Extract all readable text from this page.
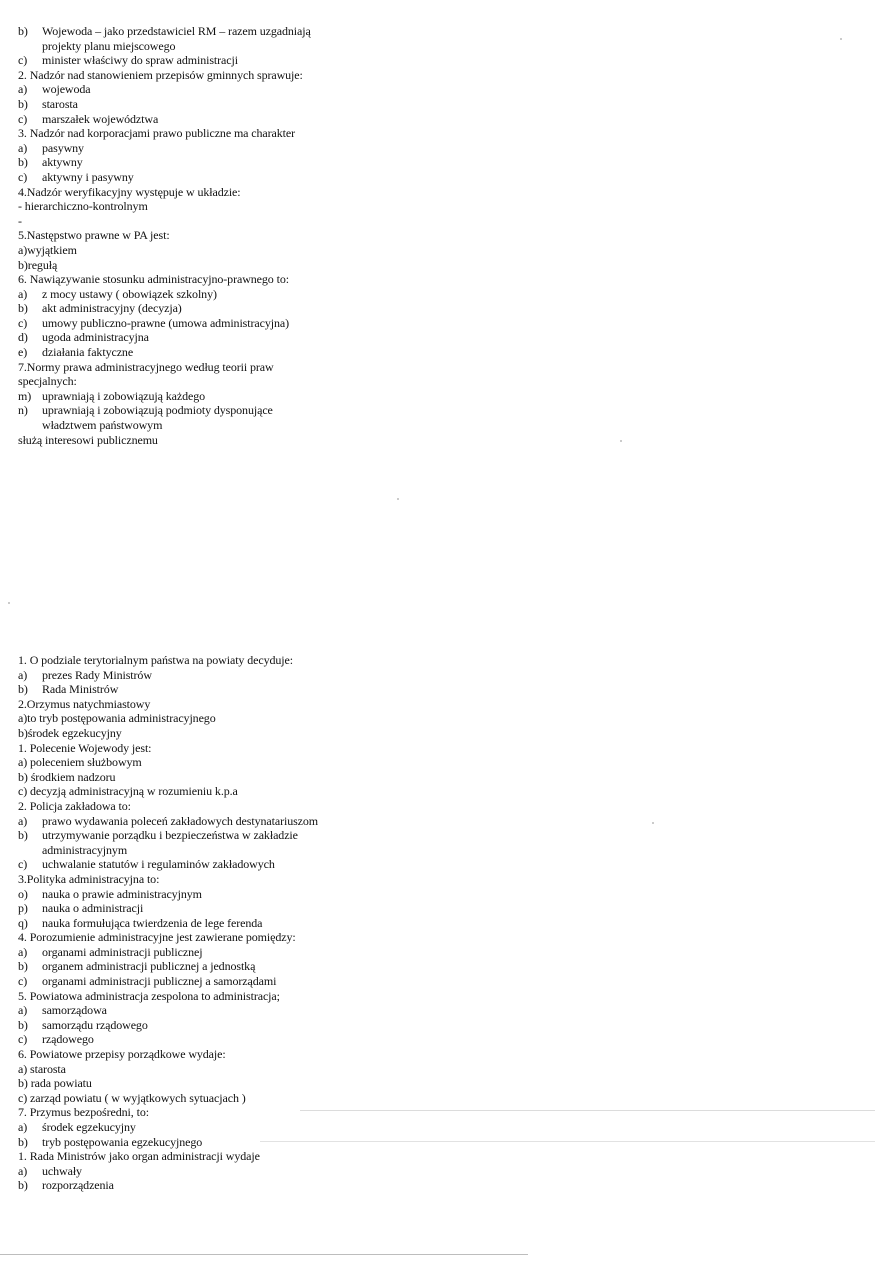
b) Wojewoda – jako przedstawiciel RM – razem uzgadniają
projekty planu miejscowego
c) minister właściwy do spraw administracji
2. Nadzór nad stanowieniem przepisów gminnych sprawuje:
a) wojewoda
b) starosta
c) marszałek województwa
3. Nadzór nad korporacjami prawo publiczne ma charakter
a) pasywny
b) aktywny
c) aktywny i pasywny
4.Nadzór weryfikacyjny występuje w układzie:
- hierarchiczno-kontrolnym
-
5.Następstwo prawne w PA jest:
a)wyjątkiem
b)regułą
6. Nawiązywanie stosunku administracyjno-prawnego to:
a) z mocy ustawy ( obowiązek szkolny)
b) akt administracyjny (decyzja)
c) umowy publiczno-prawne (umowa administracyjna)
d) ugoda administracyjna
e) działania faktyczne
7.Normy prawa administracyjnego według teorii praw
specjalnych:
m) uprawniają i zobowiązują każdego
n) uprawniają i zobowiązują podmioty dysponujące
władztwem państwowym
służą interesowi publicznemu
1. O podziale terytorialnym państwa na powiaty decyduje:
a) prezes Rady Ministrów
b) Rada Ministrów
2.Orzymus natychmiastowy
a)to tryb postępowania administracyjnego
b)środek egzekucyjny
1. Polecenie Wojewody jest:
a) poleceniem służbowym
b) środkiem nadzoru
c) decyzją administracyjną w rozumieniu k.p.a
2. Policja zakładowa to:
a) prawo wydawania poleceń zakładowych destynatariuszom
b) utrzymywanie porządku i bezpieczeństwa w zakładzie
administracyjnym
c) uchwalanie statutów i regulaminów zakładowych
3.Polityka administracyjna to:
o) nauka o prawie administracyjnym
p) nauka o administracji
q) nauka formułująca twierdzenia de lege ferenda
4. Porozumienie administracyjne jest zawierane pomiędzy:
a) organami administracji publicznej
b) organem administracji publicznej a jednostką
c) organami administracji publicznej a samorządami
5. Powiatowa administracja zespolona to administracja;
a) samorządowa
b) samorządu rządowego
c) rządowego
6. Powiatowe przepisy porządkowe wydaje:
a) starosta
b) rada powiatu
c) zarząd powiatu ( w wyjątkowych sytuacjach )
7. Przymus bezpośredni, to:
a) środek egzekucyjny
b) tryb postępowania egzekucyjnego
1. Rada Ministrów jako organ administracji wydaje
a) uchwały
b) rozporządzenia
